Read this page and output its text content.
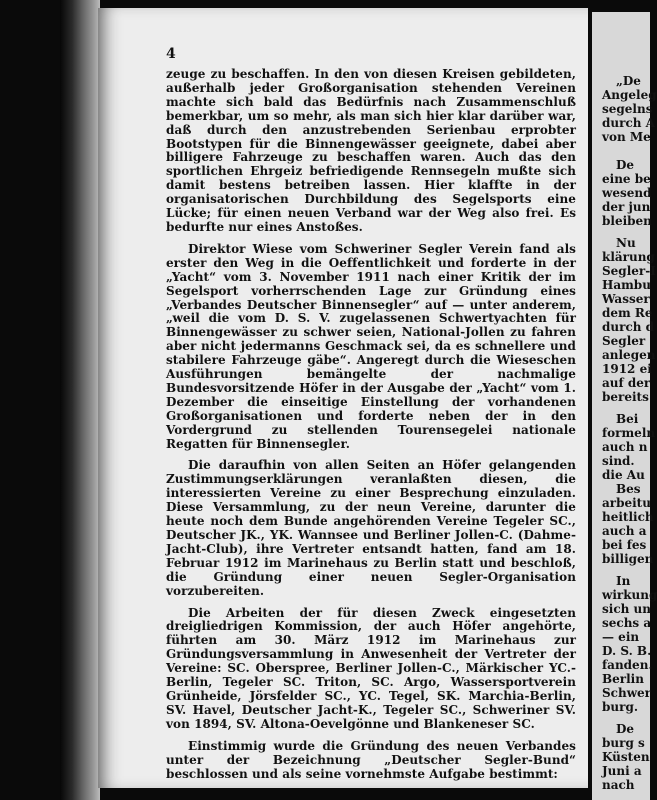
4

zeuge zu beschaffen. In den von diesen Kreisen gebildeten, außerhalb jeder Großorganisation stehenden Vereinen machte sich bald das Bedürfnis nach Zusammenschluß bemerkbar, um so mehr, als man sich hier klar darüber war, daß durch den anzustrebenden Serienbau erprobter Bootstypen für die Binnengewässer geeignete, dabei aber billigere Fahrzeuge zu beschaffen waren. Auch das den sportlichen Ehrgeiz befriedigende Rennsegeln mußte sich damit bestens betreiben lassen. Hier klaffte in der organisatorischen Durchbildung des Segelsports eine Lücke; für einen neuen Verband war der Weg also frei. Es bedurfte nur eines Anstoßes.

Direktor Wiese vom Schweriner Segler Verein fand als erster den Weg in die Oeffentlichkeit und forderte in der „Yacht“ vom 3. November 1911 nach einer Kritik der im Segelsport vorherrschenden Lage zur Gründung eines „Verbandes Deutscher Binnensegler“ auf — unter anderem, „weil die vom D. S. V. zugelassenen Schwertyachten für Binnengewässer zu schwer seien, National-Jollen zu fahren aber nicht jedermanns Geschmack sei, da es schnellere und stabilere Fahrzeuge gäbe“. Angeregt durch die Wieseschen Ausführungen bemängelte der nachmalige Bundesvorsitzende Höfer in der Ausgabe der „Yacht“ vom 1. Dezember die einseitige Einstellung der vorhandenen Großorganisationen und forderte neben der in den Vordergrund zu stellenden Tourensegelei nationale Regatten für Binnensegler.

Die daraufhin von allen Seiten an Höfer gelangenden Zustimmungserklärungen veranlaßten diesen, die interessierten Vereine zu einer Besprechung einzuladen. Diese Versammlung, zu der neun Vereine, darunter die heute noch dem Bunde angehörenden Vereine Tegeler SC., Deutscher JK., YK. Wannsee und Berliner Jollen-C. (Dahme-Jacht-Club), ihre Vertreter entsandt hatten, fand am 18. Februar 1912 im Marinehaus zu Berlin statt und beschloß, die Gründung einer neuen Segler-Organisation vorzubereiten.

Die Arbeiten der für diesen Zweck eingesetzten dreigliedrigen Kommission, der auch Höfer angehörte, führten am 30. März 1912 im Marinehaus zur Gründungsversammlung in Anwesenheit der Vertreter der Vereine: SC. Oberspree, Berliner Jollen-C., Märkischer YC.-Berlin, Tegeler SC. Triton, SC. Argo, Wassersportverein Grünheide, Jörsfelder SC., YC. Tegel, SK. Marchia-Berlin, SV. Havel, Deutscher Jacht-K., Tegeler SC., Schweriner SV. von 1894, SV. Altona-Oevelgönne und Blankeneser SC.

Einstimmig wurde die Gründung des neuen Verbandes unter der Bezeichnung „Deutscher Segler-Bund“ beschlossen und als seine vornehmste Aufgabe bestimmt:

„De
Angeleg
segelns
durch A
von Me
De
eine be
wesend
der jun
bleiben
Nu
klärung
Segler-I
Hambu
Wasser
dem Re
durch d
Segler
anlegen
1912 ei
auf der
bereits
Bei
formeln
auch n
sind.
die Au
Bes
arbeitu
heitlich
auch a
bei fes
billigen
In
wirkung
sich un
sechs a
— ein
D. S. B.
fanden.
Berlin
Schwer
burg.
De
burg s
Küsten
Juni a
nach
